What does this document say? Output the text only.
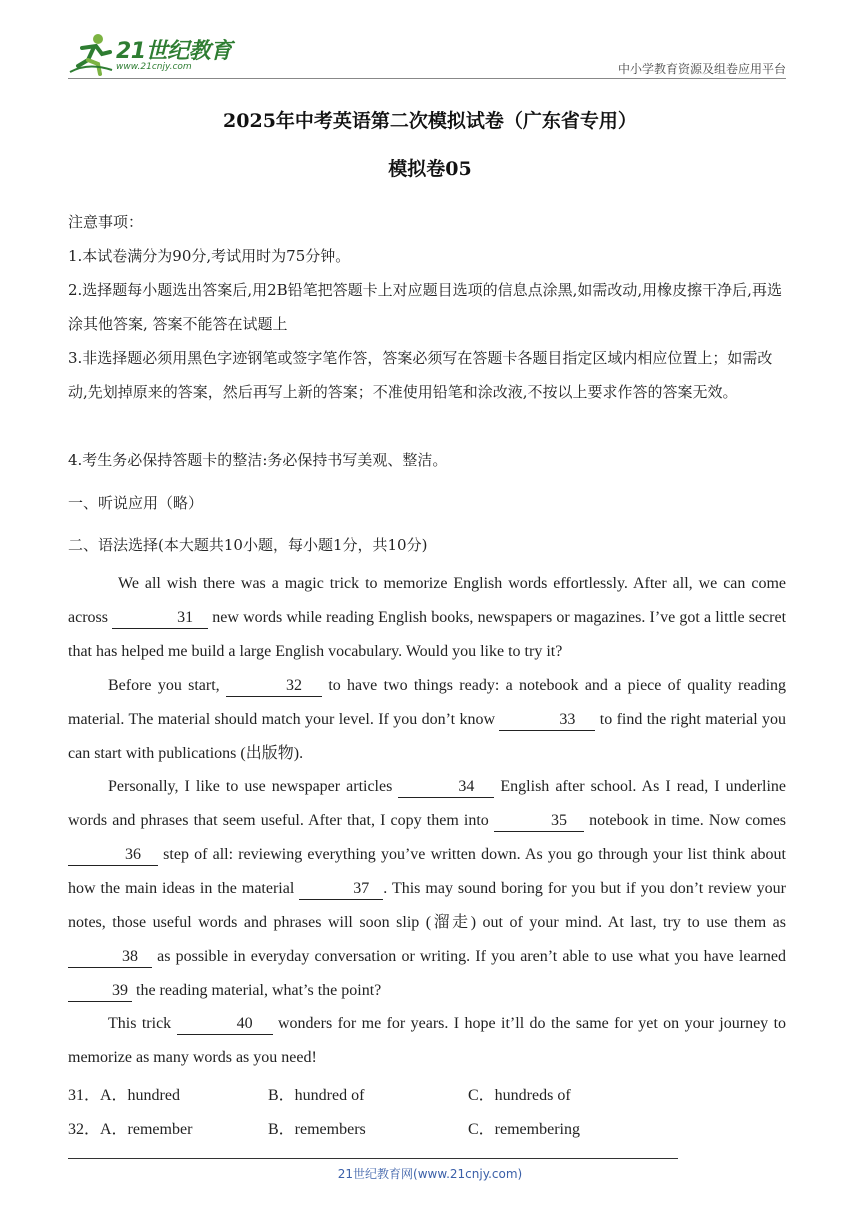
21世纪教育
www.21cnjy.com	中小学教育资源及组卷应用平台
2025年中考英语第二次模拟试卷（广东省专用）
模拟卷05
注意事项：
1.本试卷满分为90分,考试用时为75分钟。
2.选择题每小题选出答案后,用2B铅笔把答题卡上对应题目选项的信息点涂黑,如需改动,用橡皮擦干净后,再选涂其他答案, 答案不能答在试题上
3.非选择题必须用黑色字迹钢笔或签字笔作答，答案必须写在答题卡各题目指定区域内相应位置上；如需改动,先划掉原来的答案，然后再写上新的答案；不准使用铅笔和涂改液,不按以上要求作答的答案无效。
4.考生务必保持答题卡的整洁:务必保持书写美观、整洁。
一、听说应用（略）
二、语法选择(本大题共10小题，每小题1分，共10分)
We all wish there was a magic trick to memorize English words effortlessly. After all, we can come across	31 new words while reading English books, newspapers or magazines. I’ve got a little secret that has helped me build a large English vocabulary. Would you like to try it?
Before you start,	32 to have two things ready: a notebook and a piece of quality reading material. The material should match your level. If you don’t know	33 to find the right material you can start with publications (出版物).
Personally, I like to use newspaper articles	34 English after school. As I read, I underline words and phrases that seem useful. After that, I copy them into	35 notebook in time. Now comes 36 step of all: reviewing everything you’ve written down. As you go through your list think about how the main ideas in the material	37 . This may sound boring for you but if you don’t review your notes, those useful words and phrases will soon slip (溜走) out of your mind. At last, try to use them as 38 as possible in everyday conversation or writing. If you aren’t able to use what you have learned 39 the reading material, what’s the point?
This trick	40 wonders for me for years. I hope it’ll do the same for yet on your journey to memorize as many words as you need!
31． A．hundred	B．hundred of	C．hundreds of
32． A．remember	B．remembers	C．remembering
21世纪教育网(www.21cnjy.com)
